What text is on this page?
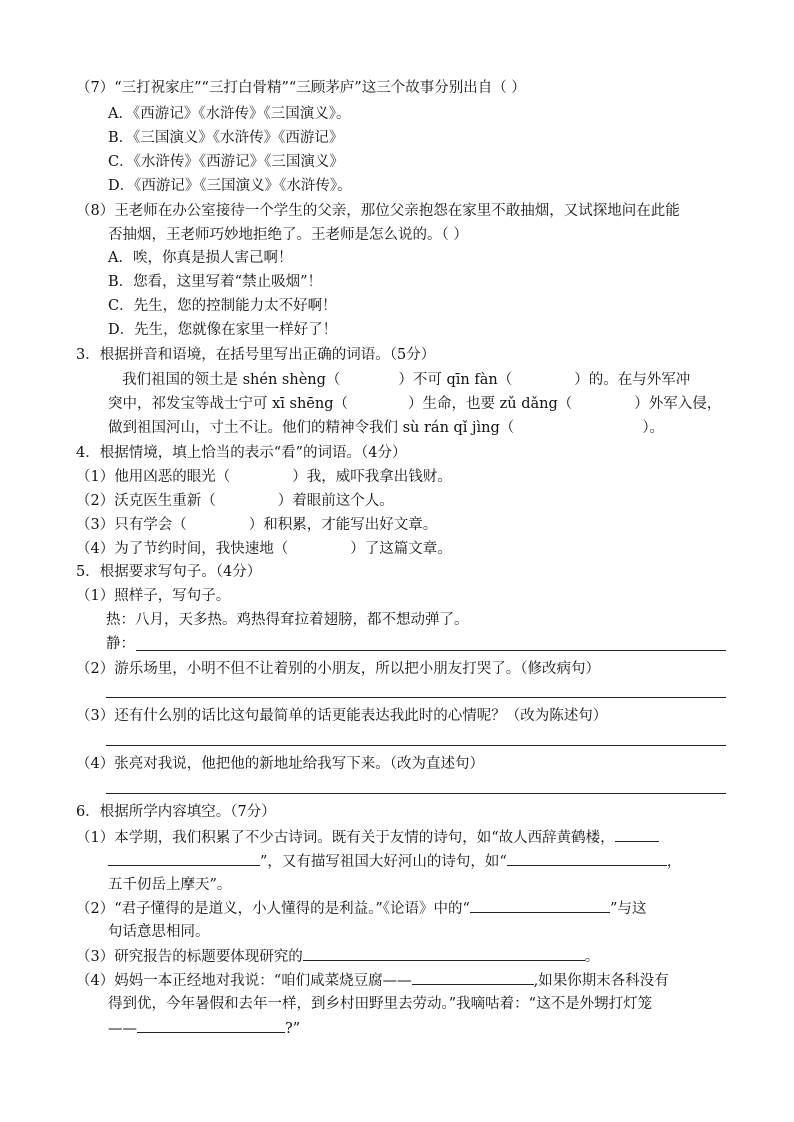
（7）“三打祝家庄”“三打白骨精”“三顾茅庐”这三个故事分别出自（ ）
A．《西游记》《水浒传》《三国演义》。
B．《三国演义》《水浒传》《西游记》
C．《水浒传》《西游记》《三国演义》
D．《西游记》《三国演义》《水浒传》。
（8）王老师在办公室接待一个学生的父亲，那位父亲抱怨在家里不敢抽烟，又试探地问在此能
否抽烟，王老师巧妙地拒绝了。王老师是怎么说的。（ ）
A．唉，你真是损人害己啊！
B．您看，这里写着“禁止吸烟”！
C．先生，您的控制能力太不好啊！
D．先生，您就像在家里一样好了！
3．根据拼音和语境，在括号里写出正确的词语。（5分）
我们祖国的领土是 shén shèng（	）不可 qīn fàn（	）的。在与外军冲
突中，祁发宝等战士宁可 xī shēng（	）生命，也要 zǔ dǎng（	）外军入侵，
做到祖国河山，寸土不让。他们的精神令我们 sù rán qǐ jìng（	）。
4．根据情境，填上恰当的表示“看”的词语。（4分）
（1）他用凶恶的眼光（	）我，威吓我拿出钱财。
（2）沃克医生重新（	）着眼前这个人。
（3）只有学会（	）和积累，才能写出好文章。
（4）为了节约时间，我快速地（	）了这篇文章。
5．根据要求写句子。（4分）
（1）照样子，写句子。
热：八月，天多热。鸡热得耷拉着翅膀，都不想动弹了。
静：
（2）游乐场里，小明不但不让着别的小朋友，所以把小朋友打哭了。（修改病句）
（3）还有什么别的话比这句最简单的话更能表达我此时的心情呢？（改为陈述句）
（4）张亮对我说，他把他的新地址给我写下来。（改为直述句）
6．根据所学内容填空。（7分）
（1）本学期，我们积累了不少古诗词。既有关于友情的诗句，如“故人西辞黄鹤楼，
”，又有描写祖国大好河山的诗句，如“	，
五千仞岳上摩天”。
（2）“君子懂得的是道义，小人懂得的是利益。”《论语》中的“	”与这
句话意思相同。
（3）研究报告的标题要体现研究的	。
（4）妈妈一本正经地对我说：“咱们咸菜烧豆腐——	,如果你期末各科没有
得到优，今年暑假和去年一样，到乡村田野里去劳动。”我嘀咕着：“这不是外甥打灯笼
——	?”
